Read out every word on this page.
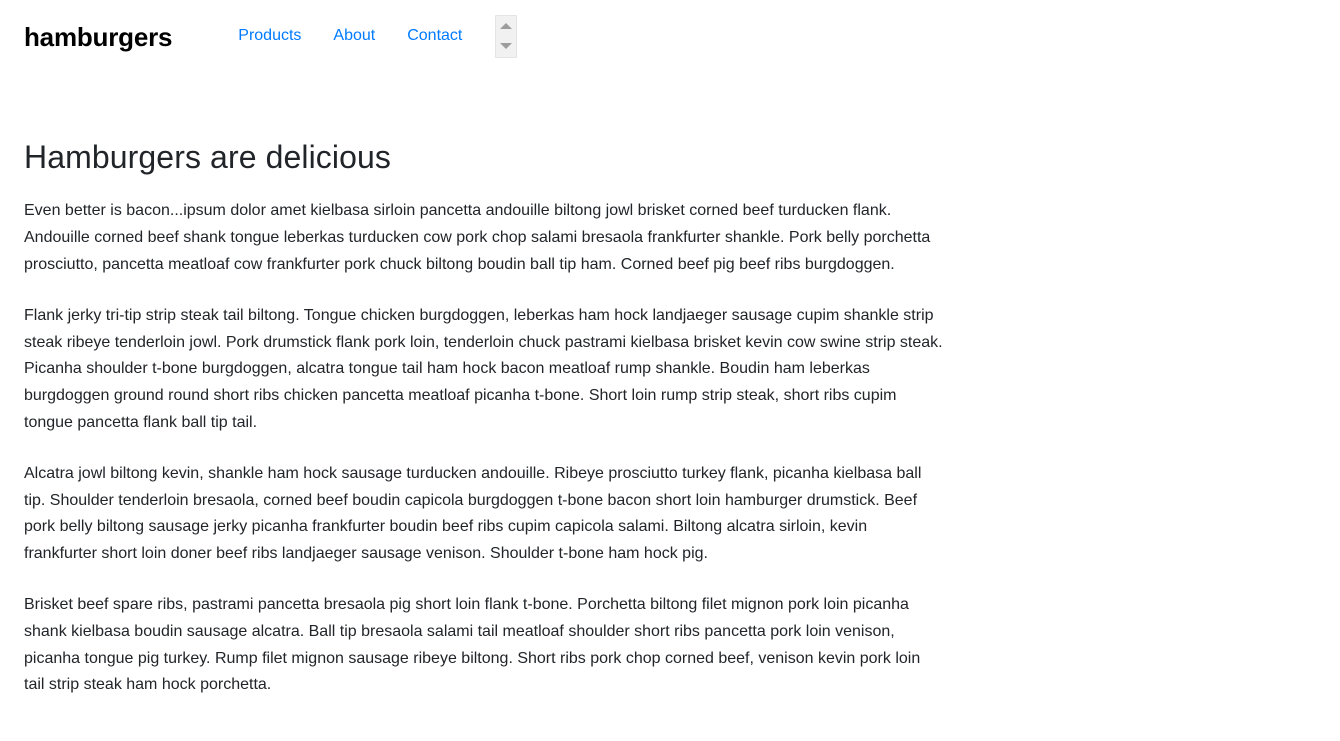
hamburgers	Products	About	Contact
Hamburgers are delicious

Even better is bacon...ipsum dolor amet kielbasa sirloin pancetta andouille biltong jowl brisket corned beef turducken flank. Andouille corned beef shank tongue leberkas turducken cow pork chop salami bresaola frankfurter shankle. Pork belly porchetta prosciutto, pancetta meatloaf cow frankfurter pork chuck biltong boudin ball tip ham. Corned beef pig beef ribs burgdoggen.

Flank jerky tri-tip strip steak tail biltong. Tongue chicken burgdoggen, leberkas ham hock landjaeger sausage cupim shankle strip steak ribeye tenderloin jowl. Pork drumstick flank pork loin, tenderloin chuck pastrami kielbasa brisket kevin cow swine strip steak. Picanha shoulder t-bone burgdoggen, alcatra tongue tail ham hock bacon meatloaf rump shankle. Boudin ham leberkas burgdoggen ground round short ribs chicken pancetta meatloaf picanha t-bone. Short loin rump strip steak, short ribs cupim tongue pancetta flank ball tip tail.

Alcatra jowl biltong kevin, shankle ham hock sausage turducken andouille. Ribeye prosciutto turkey flank, picanha kielbasa ball tip. Shoulder tenderloin bresaola, corned beef boudin capicola burgdoggen t-bone bacon short loin hamburger drumstick. Beef pork belly biltong sausage jerky picanha frankfurter boudin beef ribs cupim capicola salami. Biltong alcatra sirloin, kevin frankfurter short loin doner beef ribs landjaeger sausage venison. Shoulder t-bone ham hock pig.

Brisket beef spare ribs, pastrami pancetta bresaola pig short loin flank t-bone. Porchetta biltong filet mignon pork loin picanha shank kielbasa boudin sausage alcatra. Ball tip bresaola salami tail meatloaf shoulder short ribs pancetta pork loin venison, picanha tongue pig turkey. Rump filet mignon sausage ribeye biltong. Short ribs pork chop corned beef, venison kevin pork loin tail strip steak ham hock porchetta.
